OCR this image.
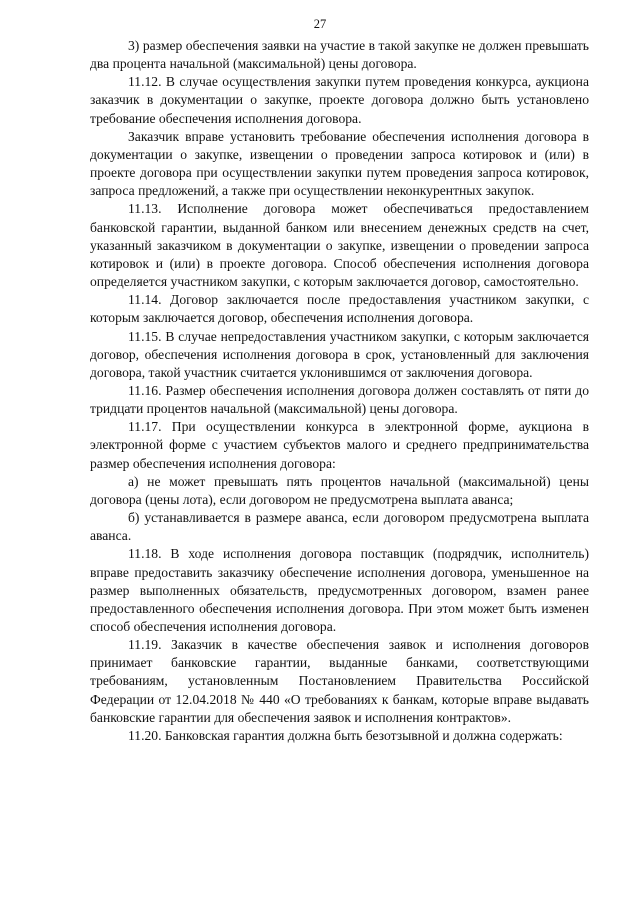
27

3) размер обеспечения заявки на участие в такой закупке не должен превышать два процента начальной (максимальной) цены договора.

11.12. В случае осуществления закупки путем проведения конкурса, аукциона заказчик в документации о закупке, проекте договора должно быть установлено требование обеспечения исполнения договора.

Заказчик вправе установить требование обеспечения исполнения договора в документации о закупке, извещении о проведении запроса котировок и (или) в проекте договора при осуществлении закупки путем проведения запроса котировок, запроса предложений, а также при осуществлении неконкурентных закупок.

11.13. Исполнение договора может обеспечиваться предоставлением банковской гарантии, выданной банком или внесением денежных средств на счет, указанный заказчиком в документации о закупке, извещении о проведении запроса котировок и (или) в проекте договора. Способ обеспечения исполнения договора определяется участником закупки, с которым заключается договор, самостоятельно.

11.14. Договор заключается после предоставления участником закупки, с которым заключается договор, обеспечения исполнения договора.

11.15. В случае непредоставления участником закупки, с которым заключается договор, обеспечения исполнения договора в срок, установленный для заключения договора, такой участник считается уклонившимся от заключения договора.

11.16. Размер обеспечения исполнения договора должен составлять от пяти до тридцати процентов начальной (максимальной) цены договора.

11.17. При осуществлении конкурса в электронной форме, аукциона в электронной форме с участием субъектов малого и среднего предпринимательства размер обеспечения исполнения договора:

а) не может превышать пять процентов начальной (максимальной) цены договора (цены лота), если договором не предусмотрена выплата аванса;

б) устанавливается в размере аванса, если договором предусмотрена выплата аванса.

11.18. В ходе исполнения договора поставщик (подрядчик, исполнитель) вправе предоставить заказчику обеспечение исполнения договора, уменьшенное на размер выполненных обязательств, предусмотренных договором, взамен ранее предоставленного обеспечения исполнения договора. При этом может быть изменен способ обеспечения исполнения договора.

11.19. Заказчик в качестве обеспечения заявок и исполнения договоров принимает банковские гарантии, выданные банками, соответствующими требованиям, установленным Постановлением Правительства Российской Федерации от 12.04.2018 № 440 «О требованиях к банкам, которые вправе выдавать банковские гарантии для обеспечения заявок и исполнения контрактов».

11.20. Банковская гарантия должна быть безотзывной и должна содержать:
